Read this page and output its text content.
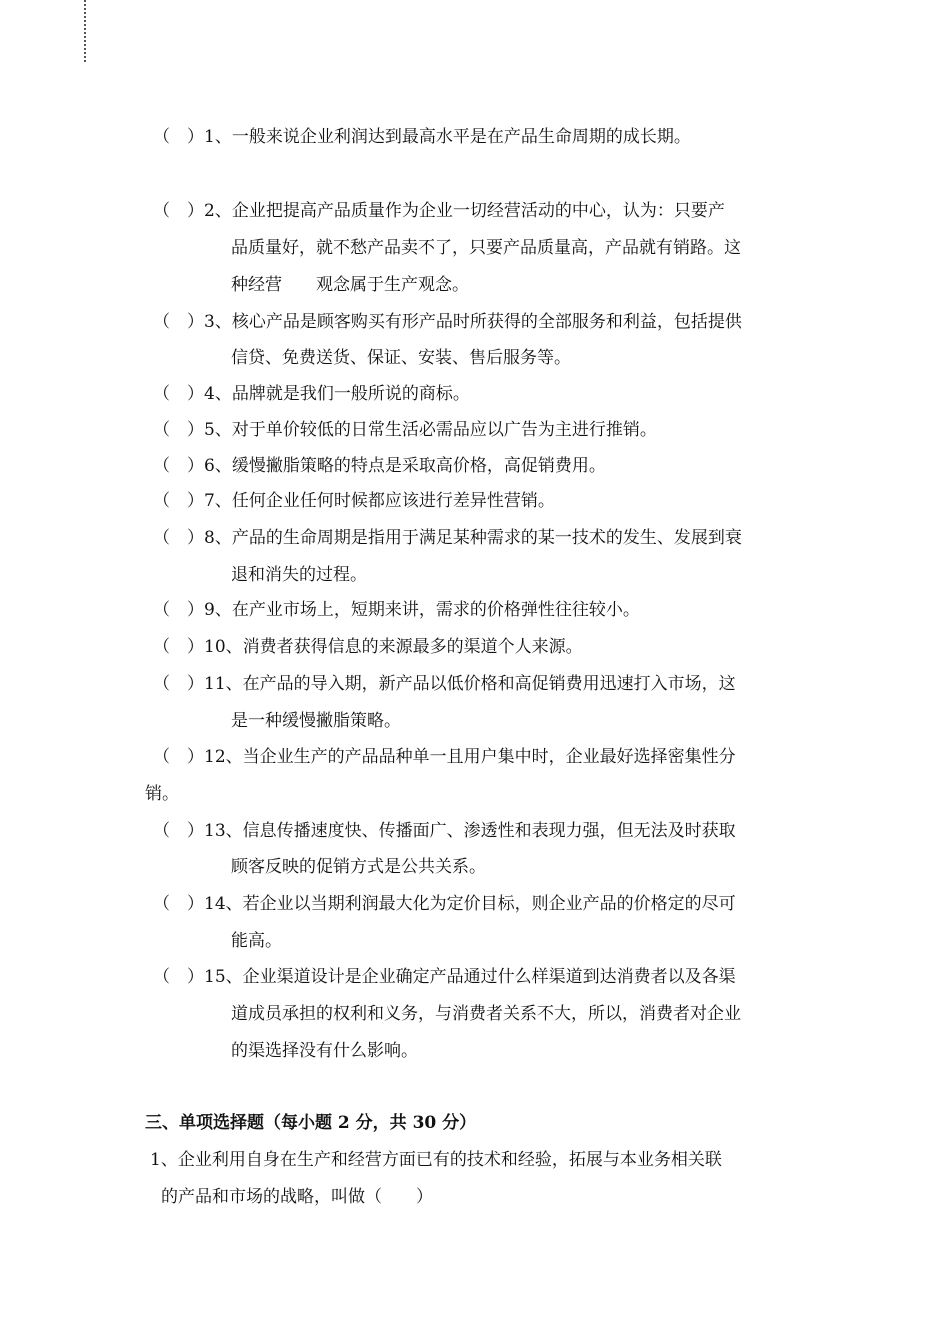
（　）1、一般来说企业利润达到最高水平是在产品生命周期的成长期。
（　）2、企业把提高产品质量作为企业一切经营活动的中心，认为：只要产
品质量好，就不愁产品卖不了，只要产品质量高，产品就有销路。这
种经营　　观念属于生产观念。
（　）3、核心产品是顾客购买有形产品时所获得的全部服务和利益，包括提供
信贷、免费送货、保证、安装、售后服务等。
（　）4、品牌就是我们一般所说的商标。
（　）5、对于单价较低的日常生活必需品应以广告为主进行推销。
（　）6、缓慢撇脂策略的特点是采取高价格，高促销费用。
（　）7、任何企业任何时候都应该进行差异性营销。
（　）8、产品的生命周期是指用于满足某种需求的某一技术的发生、发展到衰
退和消失的过程。
（　）9、在产业市场上，短期来讲，需求的价格弹性往往较小。
（　）10、消费者获得信息的来源最多的渠道个人来源。
（　）11、在产品的导入期，新产品以低价格和高促销费用迅速打入市场，这
是一种缓慢撇脂策略。
（　）12、当企业生产的产品品种单一且用户集中时，企业最好选择密集性分
销。
（　）13、信息传播速度快、传播面广、渗透性和表现力强，但无法及时获取
顾客反映的促销方式是公共关系。
（　）14、若企业以当期利润最大化为定价目标，则企业产品的价格定的尽可
能高。
（　）15、企业渠道设计是企业确定产品通过什么样渠道到达消费者以及各渠
道成员承担的权利和义务，与消费者关系不大，所以，消费者对企业
的渠选择没有什么影响。
三、单项选择题（每小题 2 分，共 30 分）
1、企业利用自身在生产和经营方面已有的技术和经验，拓展与本业务相关联
的产品和市场的战略，叫做（　　）
